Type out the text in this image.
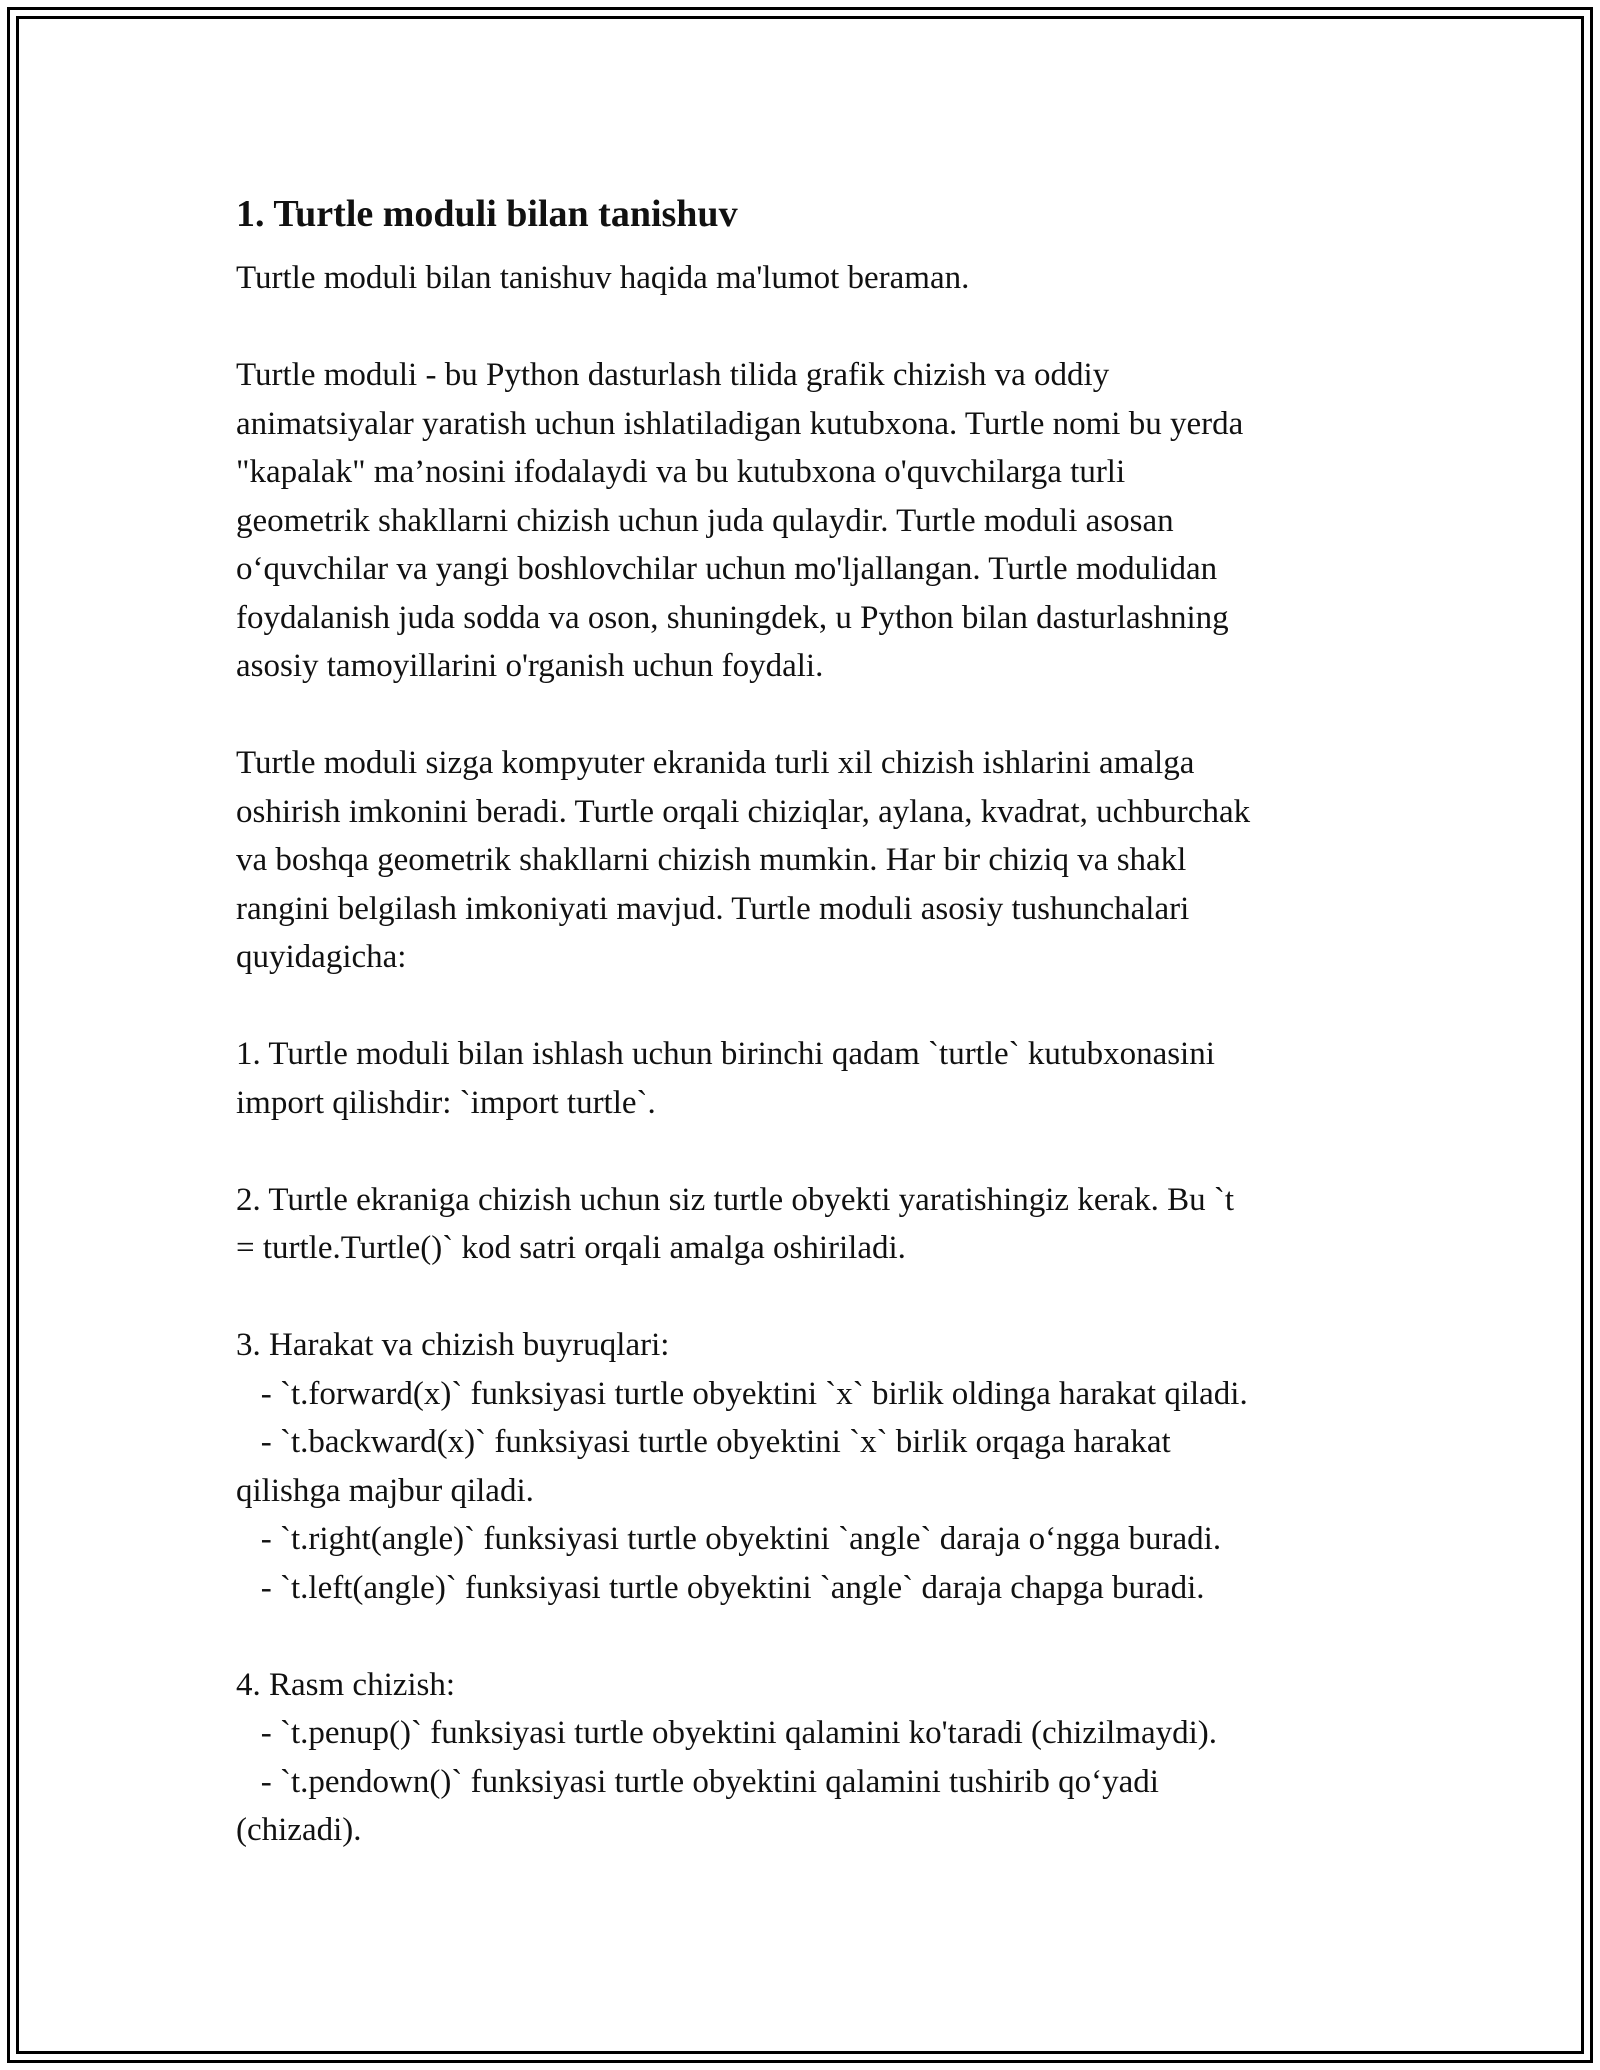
1. Turtle moduli bilan tanishuv
Turtle moduli bilan tanishuv haqida ma'lumot beraman.
Turtle moduli - bu Python dasturlash tilida grafik chizish va oddiy
animatsiyalar yaratish uchun ishlatiladigan kutubxona. Turtle nomi bu yerda
"kapalak" ma’nosini ifodalaydi va bu kutubxona o'quvchilarga turli
geometrik shakllarni chizish uchun juda qulaydir. Turtle moduli asosan
o‘quvchilar va yangi boshlovchilar uchun mo'ljallangan. Turtle modulidan
foydalanish juda sodda va oson, shuningdek, u Python bilan dasturlashning
asosiy tamoyillarini o'rganish uchun foydali.
Turtle moduli sizga kompyuter ekranida turli xil chizish ishlarini amalga
oshirish imkonini beradi. Turtle orqali chiziqlar, aylana, kvadrat, uchburchak
va boshqa geometrik shakllarni chizish mumkin. Har bir chiziq va shakl
rangini belgilash imkoniyati mavjud. Turtle moduli asosiy tushunchalari
quyidagicha:
1. Turtle moduli bilan ishlash uchun birinchi qadam `turtle` kutubxonasini
import qilishdir: `import turtle`.
2. Turtle ekraniga chizish uchun siz turtle obyekti yaratishingiz kerak. Bu `t
= turtle.Turtle()` kod satri orqali amalga oshiriladi.
3. Harakat va chizish buyruqlari:
- `t.forward(x)` funksiyasi turtle obyektini `x` birlik oldinga harakat qiladi.
- `t.backward(x)` funksiyasi turtle obyektini `x` birlik orqaga harakat
qilishga majbur qiladi.
- `t.right(angle)` funksiyasi turtle obyektini `angle` daraja o‘ngga buradi.
- `t.left(angle)` funksiyasi turtle obyektini `angle` daraja chapga buradi.
4. Rasm chizish:
- `t.penup()` funksiyasi turtle obyektini qalamini ko'taradi (chizilmaydi).
- `t.pendown()` funksiyasi turtle obyektini qalamini tushirib qo‘yadi
(chizadi).
